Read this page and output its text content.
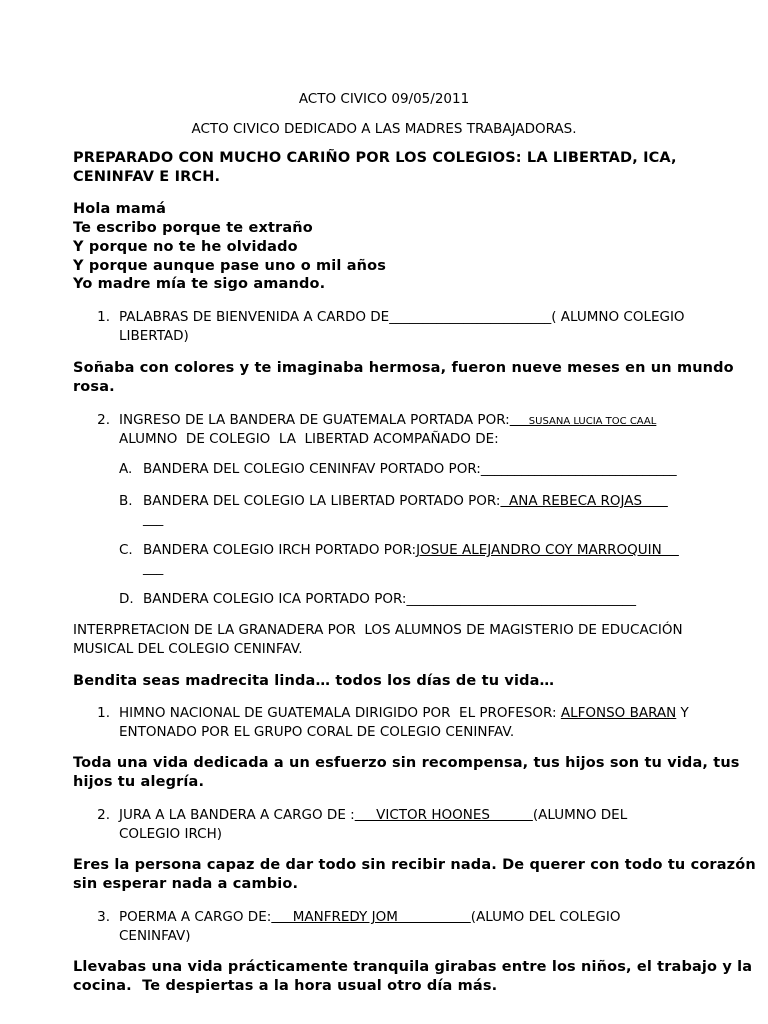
ACTO CIVICO 09/05/2011
ACTO CIVICO DEDICADO A LAS MADRES TRABAJADORAS.
PREPARADO CON MUCHO CARIÑO POR LOS COLEGIOS: LA LIBERTAD, ICA,
CENINFAV E IRCH.
Hola mamá
Te escribo porque te extraño
Y porque no te he olvidado
Y porque aunque pase uno o mil años
Yo madre mía te sigo amando.
1. PALABRAS DE BIENVENIDA A CARDO DE________________________( ALUMNO COLEGIO
LIBERTAD)
Soñaba con colores y te imaginaba hermosa, fueron nueve meses en un mundo
rosa.
2. INGRESO DE LA BANDERA DE GUATEMALA PORTADA POR:      SUSANA LUCIA TOC CAAL
ALUMNO  DE COLEGIO  LA  LIBERTAD ACOMPAÑADO DE:
A. BANDERA DEL COLEGIO CENINFAV PORTADO POR:_____________________________
B. BANDERA DEL COLEGIO LA LIBERTAD PORTADO POR:  ANA REBECA ROJAS
___
C. BANDERA COLEGIO IRCH PORTADO POR:JOSUE ALEJANDRO COY MARROQUIN
___
D. BANDERA COLEGIO ICA PORTADO POR:__________________________________
INTERPRETACION DE LA GRANADERA POR  LOS ALUMNOS DE MAGISTERIO DE EDUCACIÓN
MUSICAL DEL COLEGIO CENINFAV.
Bendita seas madrecita linda… todos los días de tu vida…
1. HIMNO NACIONAL DE GUATEMALA DIRIGIDO POR  EL PROFESOR: ALFONSO BARAN Y
ENTONADO POR EL GRUPO CORAL DE COLEGIO CENINFAV.
Toda una vida dedicada a un esfuerzo sin recompensa, tus hijos son tu vida, tus
hijos tu alegría.
2. JURA A LA BANDERA A CARGO DE :     VICTOR HOONES          (ALUMNO DEL
COLEGIO IRCH)
Eres la persona capaz de dar todo sin recibir nada. De querer con todo tu corazón
sin esperar nada a cambio.
3. POERMA A CARGO DE:     MANFREDY JOM                 (ALUMO DEL COLEGIO
CENINFAV)
Llevabas una vida prácticamente tranquila girabas entre los niños, el trabajo y la
cocina.  Te despiertas a la hora usual otro día más.
